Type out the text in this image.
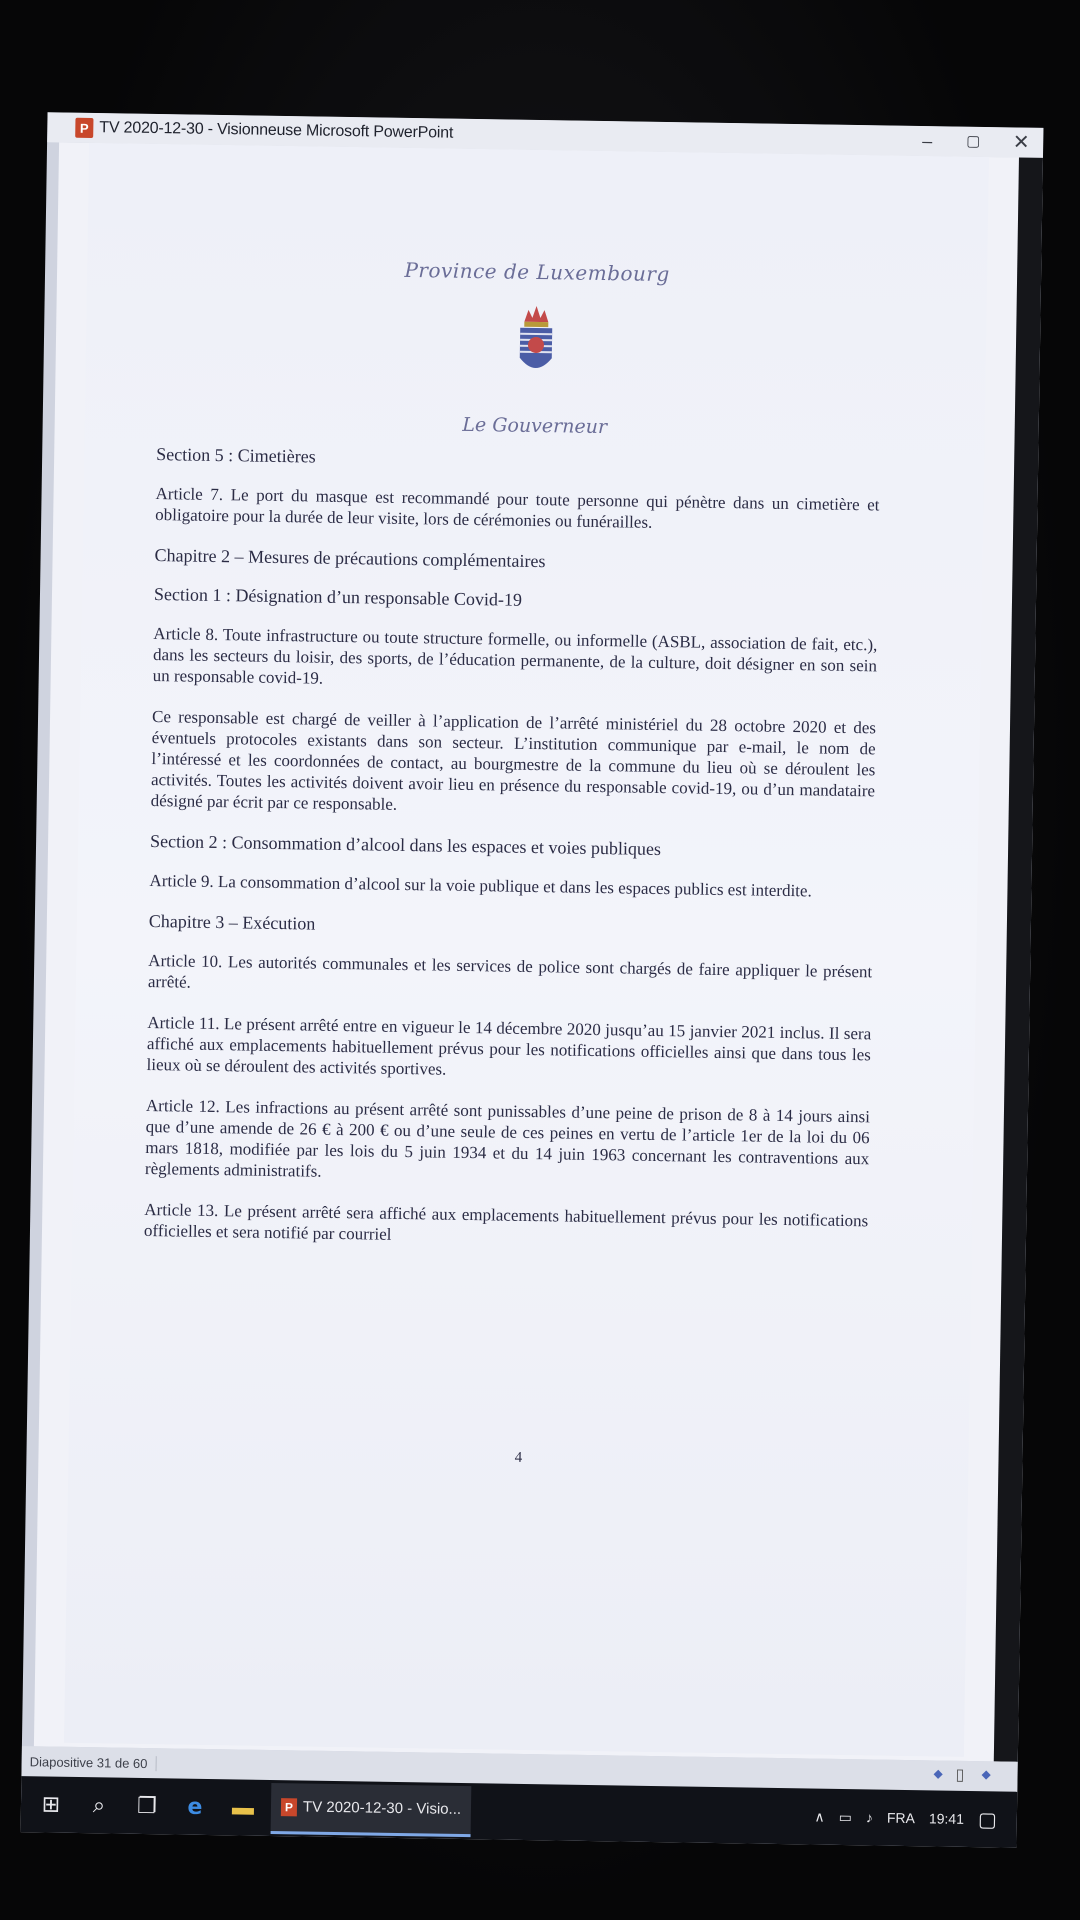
P TV 2020-12-30 - Visionneuse Microsoft PowerPoint	–	▢	✕
Province de Luxembourg
Le Gouverneur

Section 5 : Cimetières

Article 7. Le port du masque est recommandé pour toute personne qui pénètre dans un cimetière et obligatoire pour la durée de leur visite, lors de cérémonies ou funérailles.

Chapitre 2 – Mesures de précautions complémentaires

Section 1 : Désignation d’un responsable Covid-19

Article 8. Toute infrastructure ou toute structure formelle, ou informelle (ASBL, association de fait, etc.), dans les secteurs du loisir, des sports, de l’éducation permanente, de la culture, doit désigner en son sein un responsable covid-19.

Ce responsable est chargé de veiller à l’application de l’arrêté ministériel du 28 octobre 2020 et des éventuels protocoles existants dans son secteur. L’institution communique par e-mail, le nom de l’intéressé et les coordonnées de contact, au bourgmestre de la commune du lieu où se déroulent les activités. Toutes les activités doivent avoir lieu en présence du responsable covid-19, ou d’un mandataire désigné par écrit par ce responsable.

Section 2 : Consommation d’alcool dans les espaces et voies publiques

Article 9. La consommation d’alcool sur la voie publique et dans les espaces publics est interdite.

Chapitre 3 – Exécution

Article 10. Les autorités communales et les services de police sont chargés de faire appliquer le présent arrêté.

Article 11. Le présent arrêté entre en vigueur le 14 décembre 2020 jusqu’au 15 janvier 2021 inclus. Il sera affiché aux emplacements habituellement prévus pour les notifications officielles ainsi que dans tous les lieux où se déroulent des activités sportives.

Article 12. Les infractions au présent arrêté sont punissables d’une peine de prison de 8 à 14 jours ainsi que d’une amende de 26 € à 200 € ou d’une seule de ces peines en vertu de l’article 1er de la loi du 06 mars 1818, modifiée par les lois du 5 juin 1934 et du 14 juin 1963 concernant les contraventions aux règlements administratifs.

Article 13. Le présent arrêté sera affiché aux emplacements habituellement prévus pour les notifications officielles et sera notifié par courriel

4
Diapositive 31 de 60
◆ ▯ ◆
⊞	⌕	❐	e	▬	P TV 2020-12-30 - Visio...	∧ ▭ ♪ FRA 19:41 ▢
